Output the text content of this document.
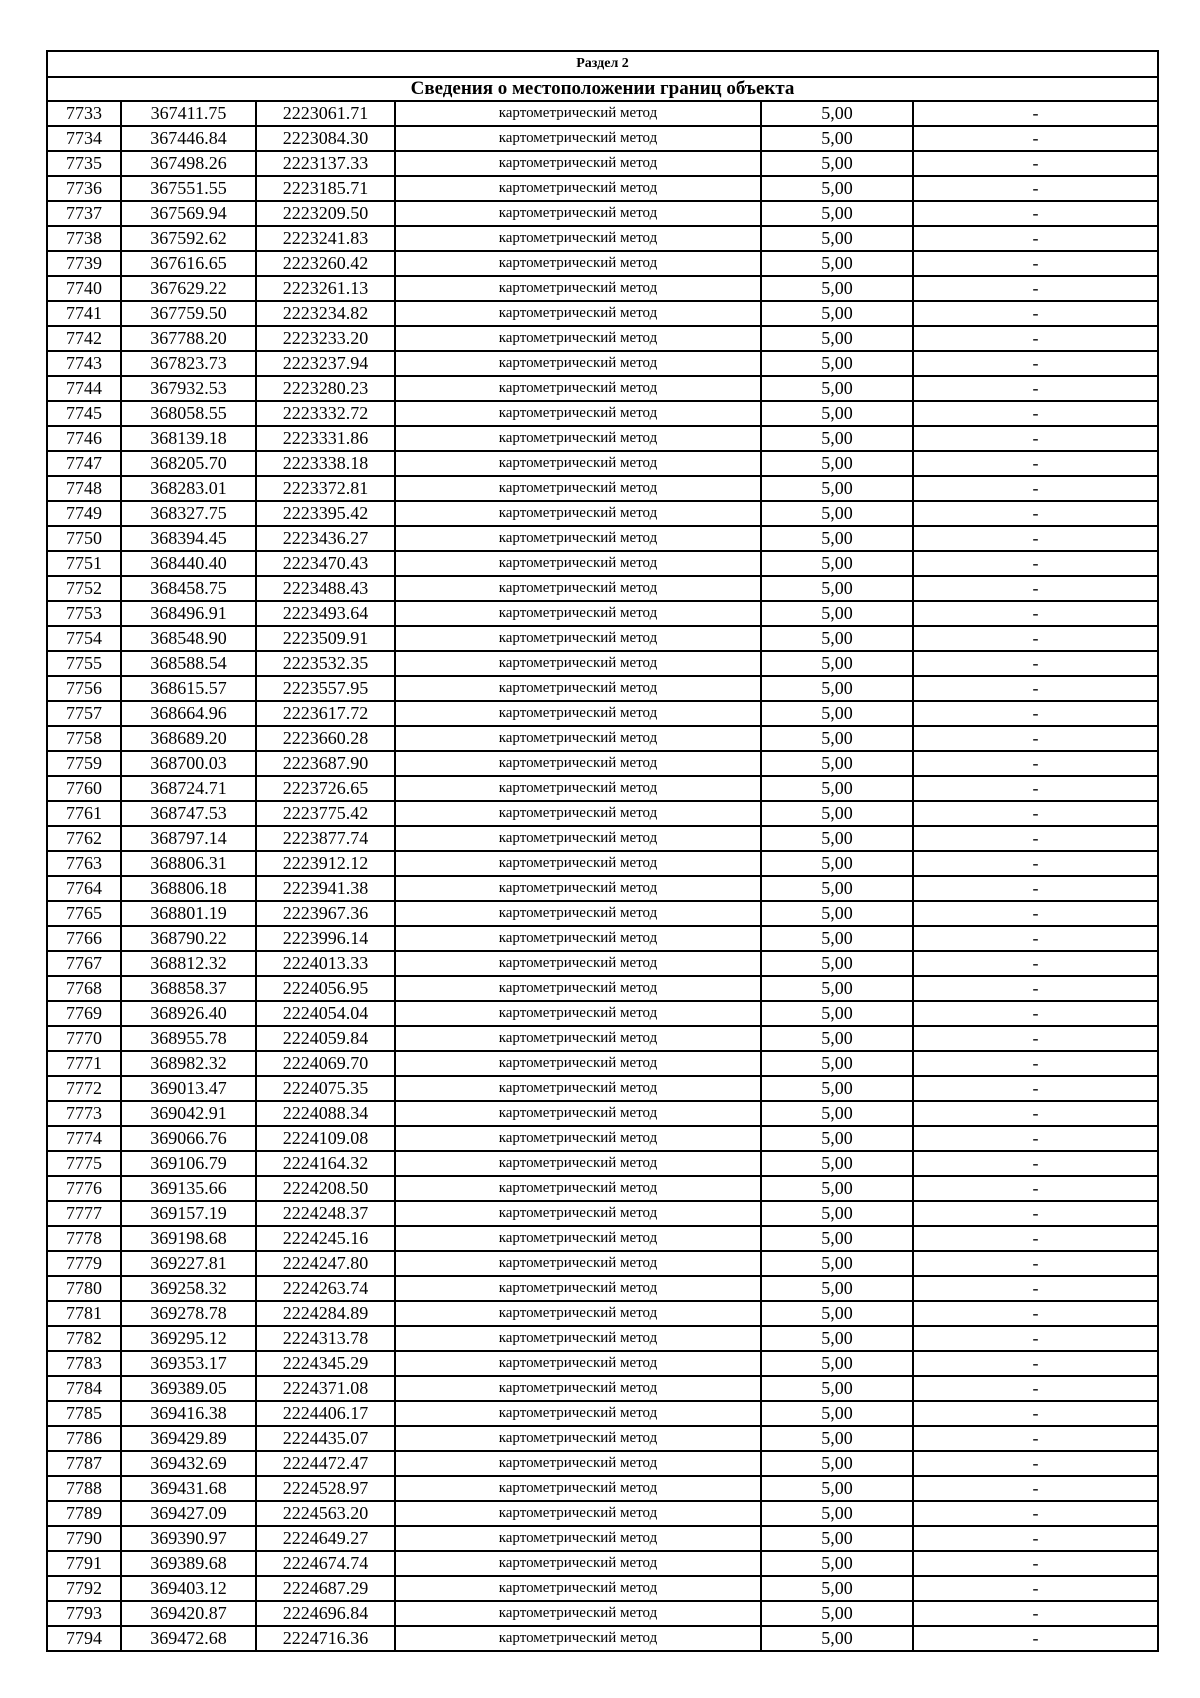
Раздел 2					
Сведения о местоположении границ объекта					
7733	367411.75	2223061.71	картометрический метод	5,00	-
7734	367446.84	2223084.30	картометрический метод	5,00	-
7735	367498.26	2223137.33	картометрический метод	5,00	-
7736	367551.55	2223185.71	картометрический метод	5,00	-
7737	367569.94	2223209.50	картометрический метод	5,00	-
7738	367592.62	2223241.83	картометрический метод	5,00	-
7739	367616.65	2223260.42	картометрический метод	5,00	-
7740	367629.22	2223261.13	картометрический метод	5,00	-
7741	367759.50	2223234.82	картометрический метод	5,00	-
7742	367788.20	2223233.20	картометрический метод	5,00	-
7743	367823.73	2223237.94	картометрический метод	5,00	-
7744	367932.53	2223280.23	картометрический метод	5,00	-
7745	368058.55	2223332.72	картометрический метод	5,00	-
7746	368139.18	2223331.86	картометрический метод	5,00	-
7747	368205.70	2223338.18	картометрический метод	5,00	-
7748	368283.01	2223372.81	картометрический метод	5,00	-
7749	368327.75	2223395.42	картометрический метод	5,00	-
7750	368394.45	2223436.27	картометрический метод	5,00	-
7751	368440.40	2223470.43	картометрический метод	5,00	-
7752	368458.75	2223488.43	картометрический метод	5,00	-
7753	368496.91	2223493.64	картометрический метод	5,00	-
7754	368548.90	2223509.91	картометрический метод	5,00	-
7755	368588.54	2223532.35	картометрический метод	5,00	-
7756	368615.57	2223557.95	картометрический метод	5,00	-
7757	368664.96	2223617.72	картометрический метод	5,00	-
7758	368689.20	2223660.28	картометрический метод	5,00	-
7759	368700.03	2223687.90	картометрический метод	5,00	-
7760	368724.71	2223726.65	картометрический метод	5,00	-
7761	368747.53	2223775.42	картометрический метод	5,00	-
7762	368797.14	2223877.74	картометрический метод	5,00	-
7763	368806.31	2223912.12	картометрический метод	5,00	-
7764	368806.18	2223941.38	картометрический метод	5,00	-
7765	368801.19	2223967.36	картометрический метод	5,00	-
7766	368790.22	2223996.14	картометрический метод	5,00	-
7767	368812.32	2224013.33	картометрический метод	5,00	-
7768	368858.37	2224056.95	картометрический метод	5,00	-
7769	368926.40	2224054.04	картометрический метод	5,00	-
7770	368955.78	2224059.84	картометрический метод	5,00	-
7771	368982.32	2224069.70	картометрический метод	5,00	-
7772	369013.47	2224075.35	картометрический метод	5,00	-
7773	369042.91	2224088.34	картометрический метод	5,00	-
7774	369066.76	2224109.08	картометрический метод	5,00	-
7775	369106.79	2224164.32	картометрический метод	5,00	-
7776	369135.66	2224208.50	картометрический метод	5,00	-
7777	369157.19	2224248.37	картометрический метод	5,00	-
7778	369198.68	2224245.16	картометрический метод	5,00	-
7779	369227.81	2224247.80	картометрический метод	5,00	-
7780	369258.32	2224263.74	картометрический метод	5,00	-
7781	369278.78	2224284.89	картометрический метод	5,00	-
7782	369295.12	2224313.78	картометрический метод	5,00	-
7783	369353.17	2224345.29	картометрический метод	5,00	-
7784	369389.05	2224371.08	картометрический метод	5,00	-
7785	369416.38	2224406.17	картометрический метод	5,00	-
7786	369429.89	2224435.07	картометрический метод	5,00	-
7787	369432.69	2224472.47	картометрический метод	5,00	-
7788	369431.68	2224528.97	картометрический метод	5,00	-
7789	369427.09	2224563.20	картометрический метод	5,00	-
7790	369390.97	2224649.27	картометрический метод	5,00	-
7791	369389.68	2224674.74	картометрический метод	5,00	-
7792	369403.12	2224687.29	картометрический метод	5,00	-
7793	369420.87	2224696.84	картометрический метод	5,00	-
7794	369472.68	2224716.36	картометрический метод	5,00	-
